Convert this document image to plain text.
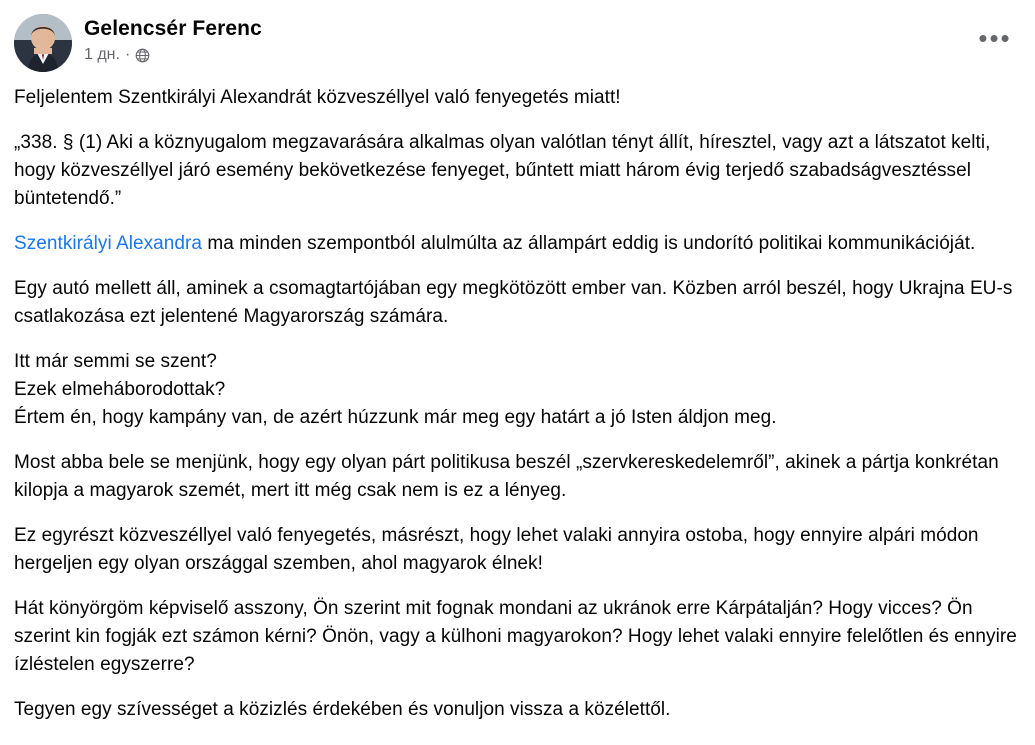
Gelencsér Ferenc
1 дн. ·
•••

Feljelentem Szentkirályi Alexandrát közveszéllyel való fenyegetés miatt!

„338. § (1) Aki a köznyugalom megzavarására alkalmas olyan valótlan tényt állít, híresztel, vagy azt a látszatot kelti, hogy közveszéllyel járó esemény bekövetkezése fenyeget, bűntett miatt három évig terjedő szabadságvesztéssel büntetendő.”

Szentkirályi Alexandra ma minden szempontból alulmúlta az állampárt eddig is undorító politikai kommunikációját.

Egy autó mellett áll, aminek a csomagtartójában egy megkötözött ember van. Közben arról beszél, hogy Ukrajna EU-s csatlakozása ezt jelentené Magyarország számára.

Itt már semmi se szent?

Ezek elmeháborodottak?

Értem én, hogy kampány van, de azért húzzunk már meg egy határt a jó Isten áldjon meg.

Most abba bele se menjünk, hogy egy olyan párt politikusa beszél „szervkereskedelemről”, akinek a pártja konkrétan kilopja a magyarok szemét, mert itt még csak nem is ez a lényeg.

Ez egyrészt közveszéllyel való fenyegetés, másrészt, hogy lehet valaki annyira ostoba, hogy ennyire alpári módon hergeljen egy olyan országgal szemben, ahol magyarok élnek!

Hát könyörgöm képviselő asszony, Ön szerint mit fognak mondani az ukránok erre Kárpátalján? Hogy vicces? Ön szerint kin fogják ezt számon kérni? Önön, vagy a külhoni magyarokon? Hogy lehet valaki ennyire felelőtlen és ennyire ízléstelen egyszerre?

Tegyen egy szívességet a közizlés érdekében és vonuljon vissza a közélettől.
